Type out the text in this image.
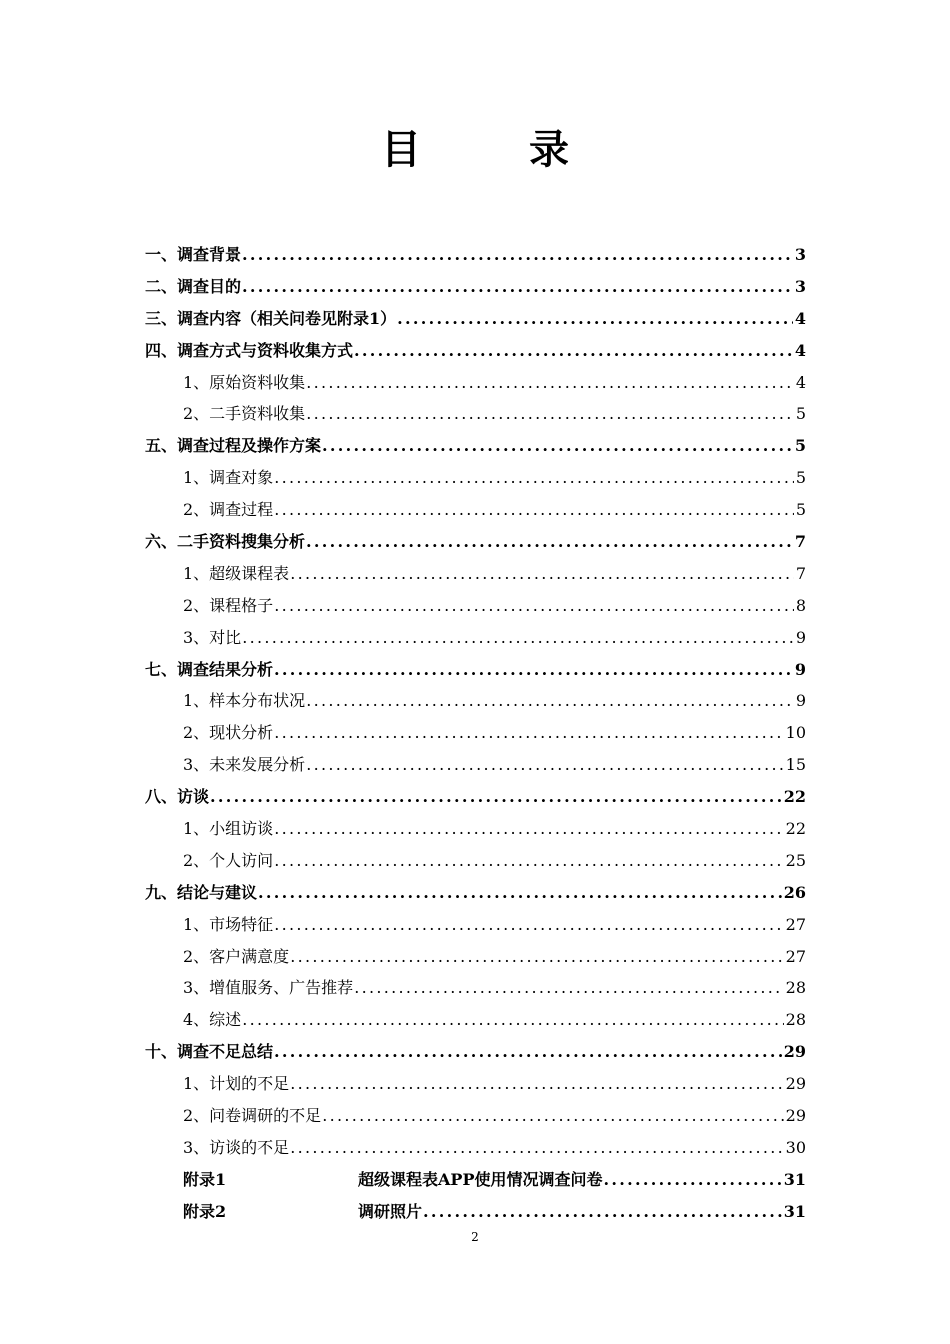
目　录
一、调查背景 .....	3
二、调查目的 .....	3
三、调查内容（相关问卷见附录1） .....	4
四、调查方式与资料收集方式 .....	4
1、原始资料收集 .....	4
2、二手资料收集 .....	5
五、调查过程及操作方案 .....	5
1、调查对象 .....	5
2、调查过程 .....	5
六、二手资料搜集分析 .....	7
1、超级课程表 .....	7
2、课程格子 .....	8
3、对比 .....	9
七、调查结果分析 .....	9
1、样本分布状况 .....	9
2、现状分析 .....	10
3、未来发展分析 .....	15
八、访谈 .....	22
1、小组访谈 .....	22
2、个人访问 .....	25
九、结论与建议 .....	26
1、市场特征 .....	27
2、客户满意度 .....	27
3、增值服务、广告推荐 .....	28
4、综述 .....	28
十、调查不足总结 .....	29
1、计划的不足 .....	29
2、问卷调研的不足 .....	29
3、访谈的不足 .....	30
附录1	超级课程表APP使用情况调查问卷 .....	31
附录2	调研照片 .....	31
2
